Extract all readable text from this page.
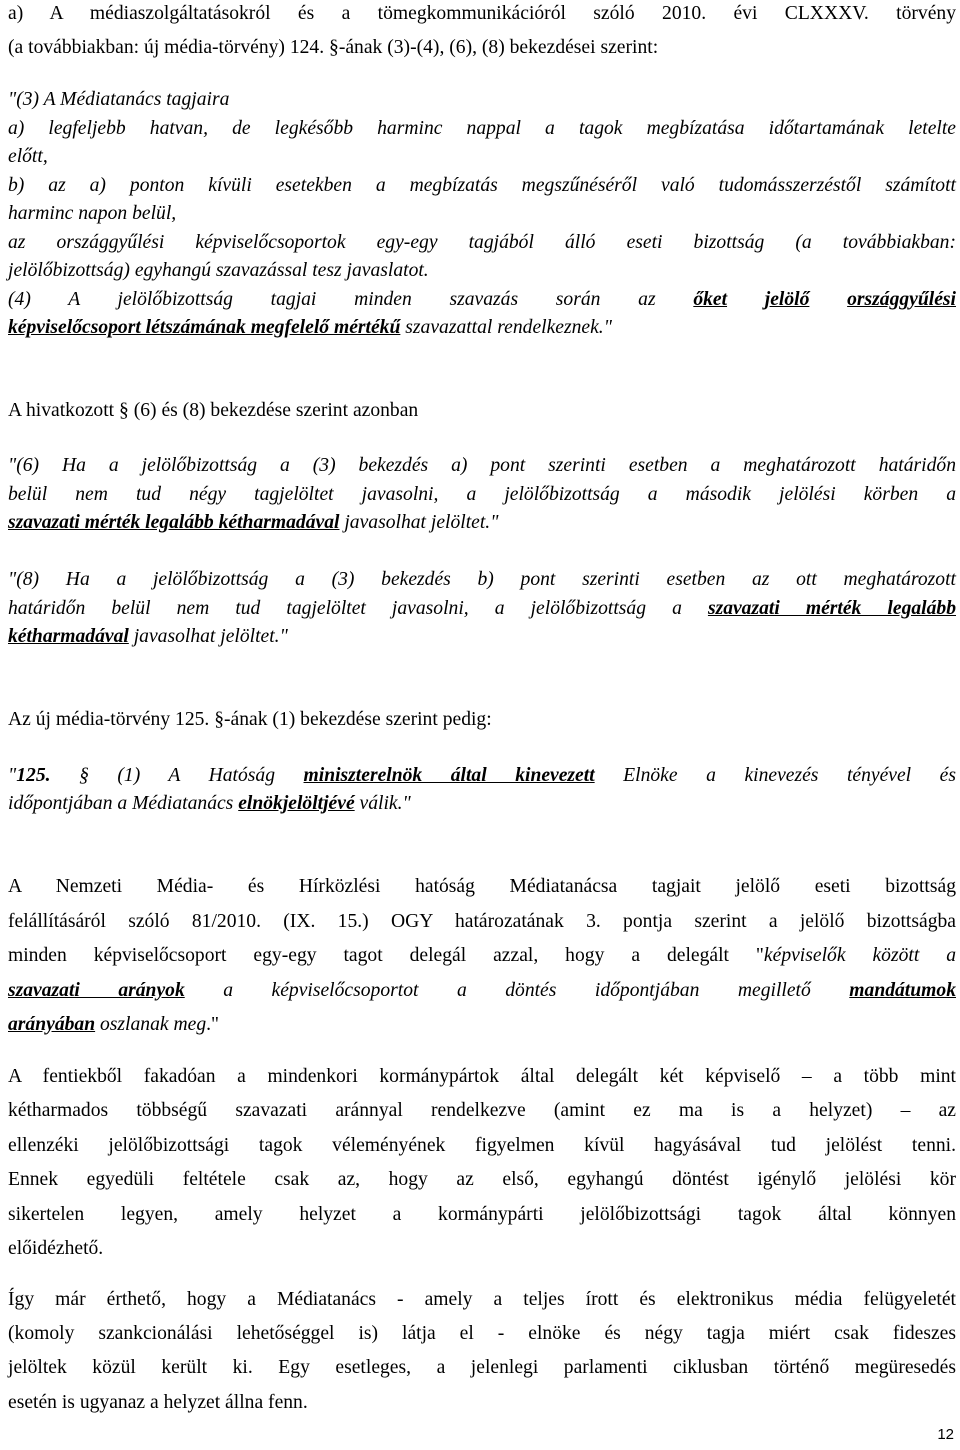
a) A médiaszolgáltatásokról és a tömegkommunikációról szóló 2010. évi CLXXXV. törvény
(a továbbiakban: új média-törvény) 124. §-ának (3)-(4), (6), (8) bekezdései szerint:
"(3) A Médiatanács tagjaira
a) legfeljebb hatvan, de legkésőbb harminc nappal a tagok megbízatása időtartamának letelte
előtt,
b) az a) ponton kívüli esetekben a megbízatás megszűnéséről való tudomásszerzéstől számított
harminc napon belül,
az országgyűlési képviselőcsoportok egy-egy tagjából álló eseti bizottság (a továbbiakban:
jelölőbizottság) egyhangú szavazással tesz javaslatot.
(4) A jelölőbizottság tagjai minden szavazás során az őket jelölő országgyűlési
képviselőcsoport létszámának megfelelő mértékű szavazattal rendelkeznek."
A hivatkozott § (6) és (8) bekezdése szerint azonban
"(6) Ha a jelölőbizottság a (3) bekezdés a) pont szerinti esetben a meghatározott határidőn
belül nem tud négy tagjelöltet javasolni, a jelölőbizottság a második jelölési körben a
szavazati mérték legalább kétharmadával javasolhat jelöltet."
"(8) Ha a jelölőbizottság a (3) bekezdés b) pont szerinti esetben az ott meghatározott
határidőn belül nem tud tagjelöltet javasolni, a jelölőbizottság a szavazati mérték legalább
kétharmadával javasolhat jelöltet."
Az új média-törvény 125. §-ának (1) bekezdése szerint pedig:
"125. § (1) A Hatóság miniszterelnök által kinevezett Elnöke a kinevezés tényével és
időpontjában a Médiatanács elnökjelöltjévé válik."
A Nemzeti Média- és Hírközlési hatóság Médiatanácsa tagjait jelölő eseti bizottság
felállításáról szóló 81/2010. (IX. 15.) OGY határozatának 3. pontja szerint a jelölő bizottságba
minden képviselőcsoport egy-egy tagot delegál azzal, hogy a delegált "képviselők között a
szavazati arányok a képviselőcsoportot a döntés időpontjában megillető mandátumok
arányában oszlanak meg."
A fentiekből fakadóan a mindenkori kormánypártok által delegált két képviselő – a több mint
kétharmados többségű szavazati aránnyal rendelkezve (amint ez ma is a helyzet) – az
ellenzéki jelölőbizottsági tagok véleményének figyelmen kívül hagyásával tud jelölést tenni.
Ennek egyedüli feltétele csak az, hogy az első, egyhangú döntést igénylő jelölési kör
sikertelen legyen, amely helyzet a kormánypárti jelölőbizottsági tagok által könnyen
előidézhető.
Így már érthető, hogy a Médiatanács - amely a teljes írott és elektronikus média felügyeletét
(komoly szankcionálási lehetőséggel is) látja el - elnöke és négy tagja miért csak fideszes
jelöltek közül került ki. Egy esetleges, a jelenlegi parlamenti ciklusban történő megüresedés
esetén is ugyanaz a helyzet állna fenn.
12
